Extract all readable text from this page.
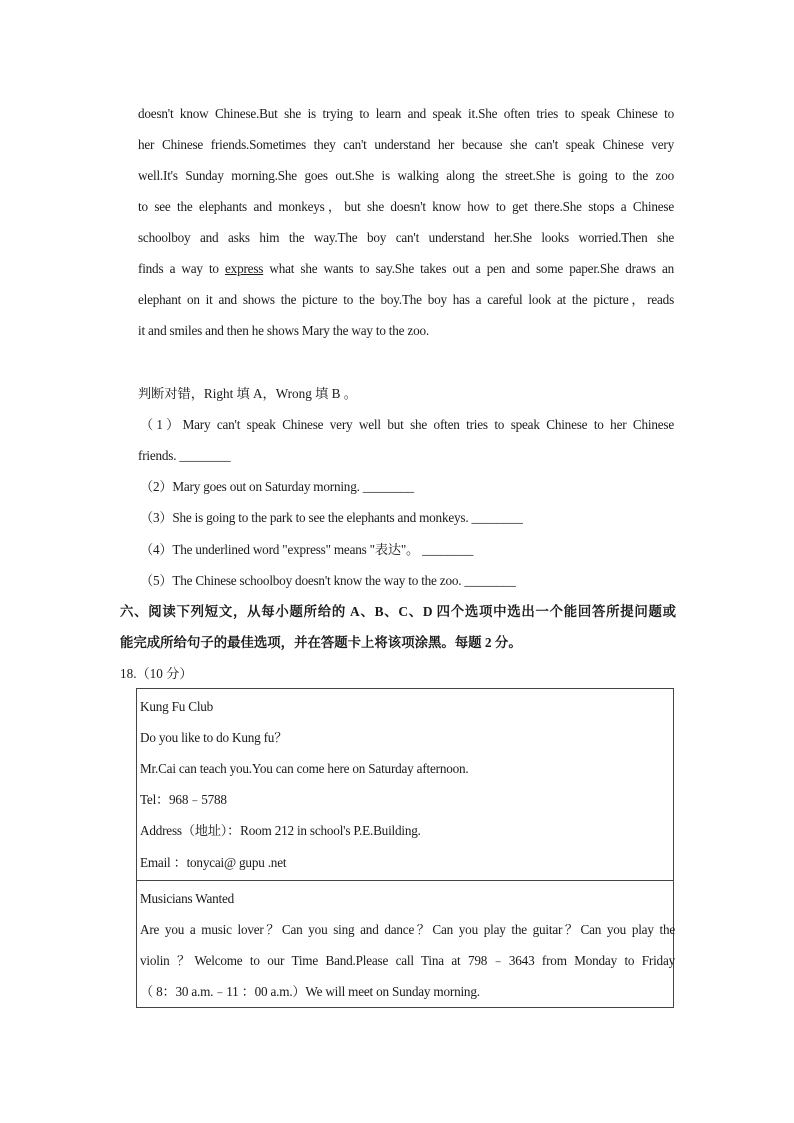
doesn't know Chinese.But she is trying to learn and speak it.She often tries to speak Chinese to
her Chinese friends.Sometimes they can't understand her because she can't speak Chinese very
well.It's Sunday morning.She goes out.She is walking along the street.She is going to the zoo
to see the elephants and monkeys，but she doesn't know how to get there.She stops a Chinese
schoolboy and asks him the way.The boy can't understand her.She looks worried.Then she
finds a way to express what she wants to say.She takes out a pen and some paper.She draws an
elephant on it and shows the picture to the boy.The boy has a careful look at the picture，reads
it and smiles and then he shows Mary the way to the zoo.
判断对错，Right 填 A，Wrong 填 B 。
（1）Mary can't speak Chinese very well but she often tries to speak Chinese to her Chinese
friends. ________
（2）Mary goes out on Saturday morning. ________
（3）She is going to the park to see the elephants and monkeys. ________
（4）The underlined word "express" means "表达"。 ________
（5）The Chinese schoolboy doesn't know the way to the zoo. ________
六、阅读下列短文，从每小题所给的 A、B、C、D 四个选项中选出一个能回答所提问题或
能完成所给句子的最佳选项，并在答题卡上将该项涂黑。每题 2 分。
18.（10 分）
Kung Fu Club
Do you like to do Kung fu？
Mr.Cai can teach you.You can come here on Saturday afternoon.
Tel：968﹣5788
Address（地址）：Room 212 in school's P.E.Building.
Email ：tonycai@ gupu .net
Musicians Wanted
Are you a music lover？Can you sing and dance？Can you play the guitar？Can you play the
violin ？Welcome to our Time Band.Please call Tina at 798﹣3643 from Monday to Friday
（ 8：30 a.m.﹣11 ：00 a.m.）We will meet on Sunday morning.
